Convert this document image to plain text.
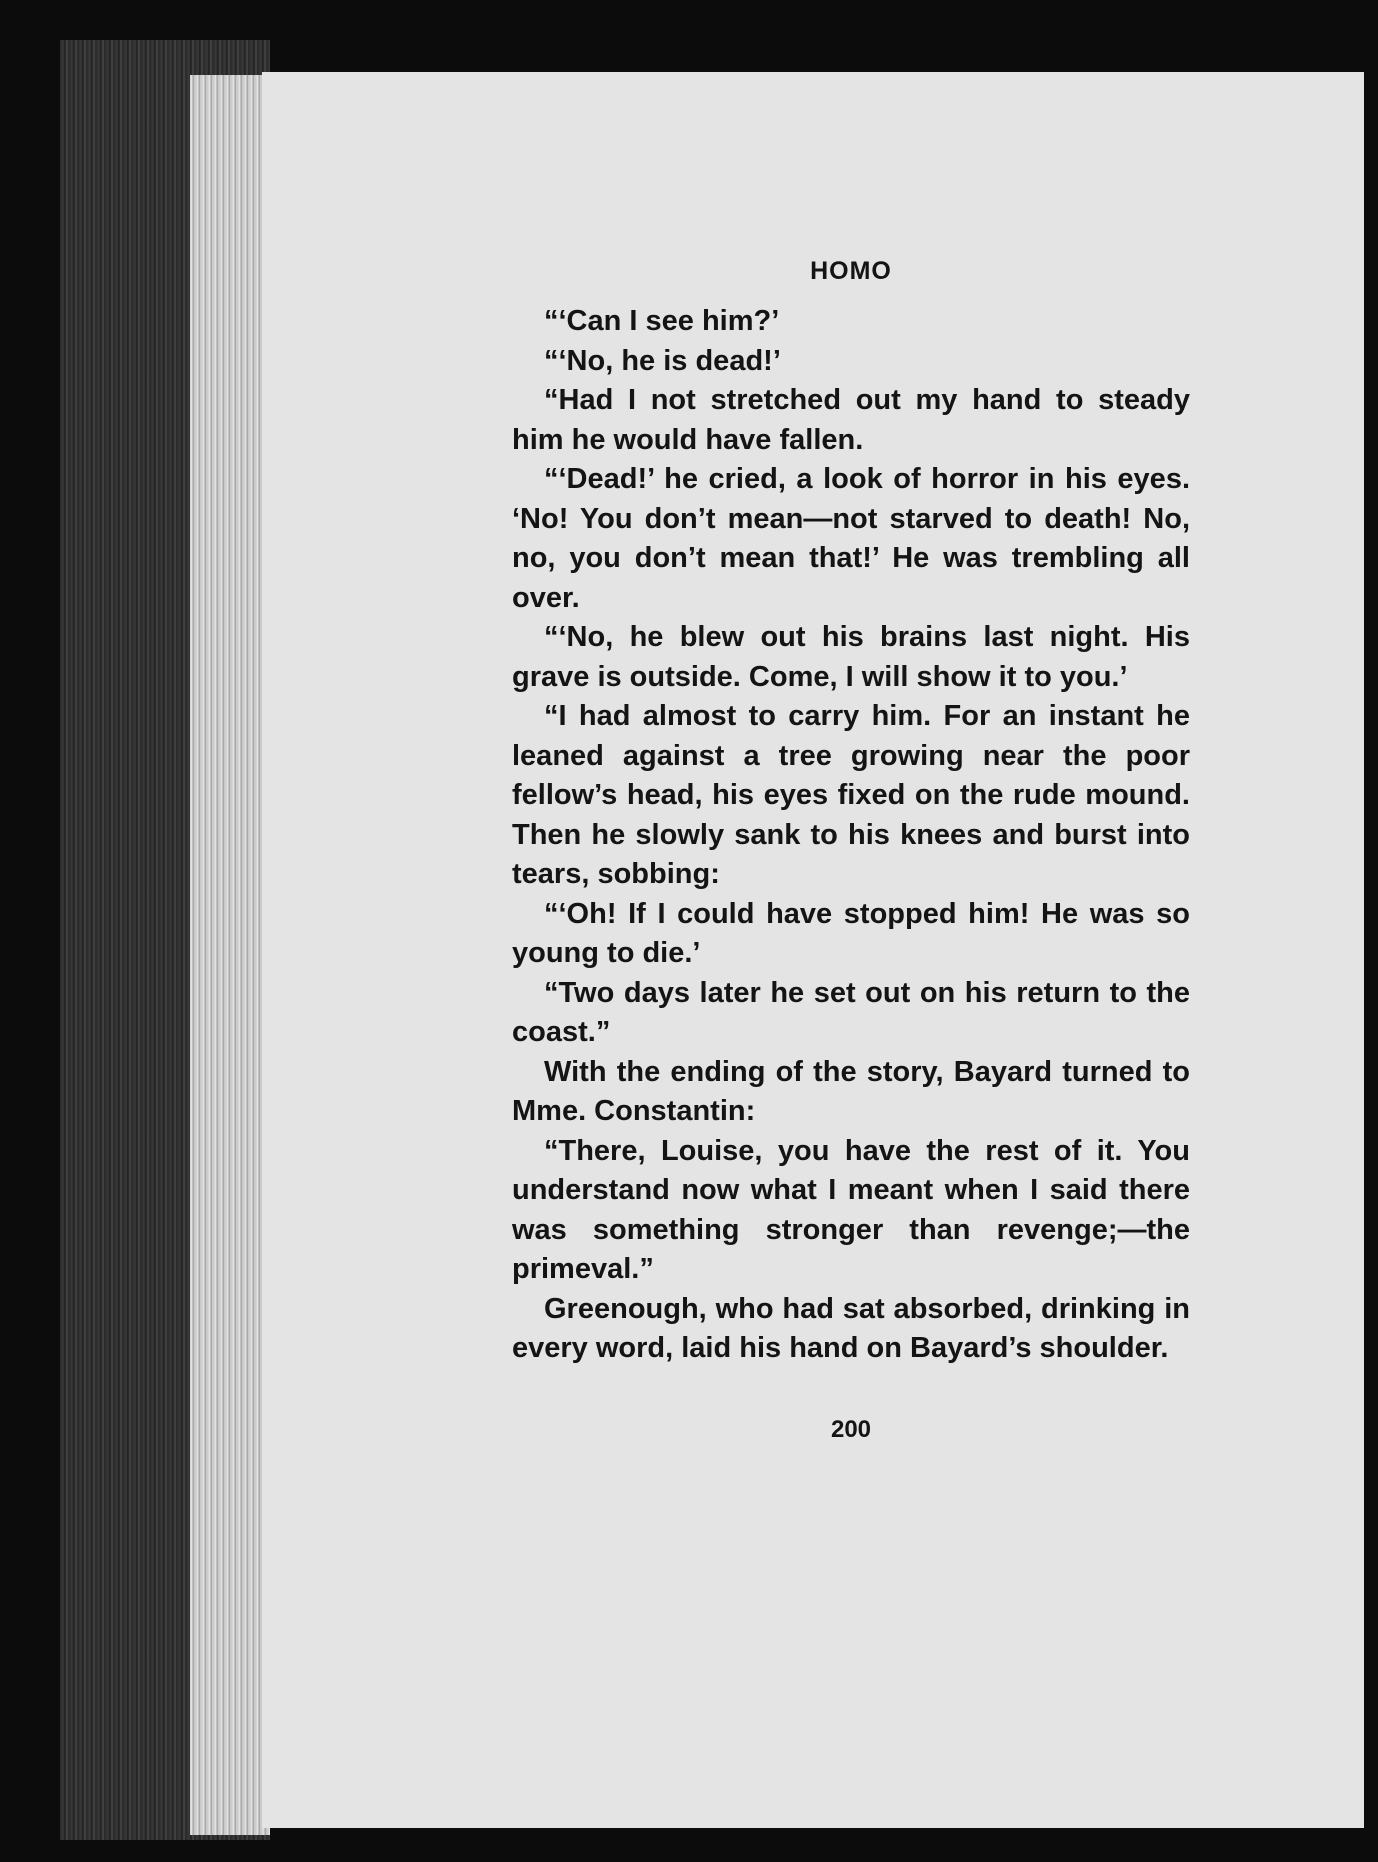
HOMO

“‘Can I see him?’

“‘No, he is dead!’

“Had I not stretched out my hand to steady him he would have fallen.

“‘Dead!’ he cried, a look of horror in his eyes. ‘No! You don’t mean—not starved to death! No, no, you don’t mean that!’ He was trembling all over.

“‘No, he blew out his brains last night. His grave is outside. Come, I will show it to you.’

“I had almost to carry him. For an instant he leaned against a tree growing near the poor fellow’s head, his eyes fixed on the rude mound. Then he slowly sank to his knees and burst into tears, sobbing:

“‘Oh! If I could have stopped him! He was so young to die.’

“Two days later he set out on his return to the coast.”

With the ending of the story, Bayard turned to Mme. Constantin:

“There, Louise, you have the rest of it. You understand now what I meant when I said there was something stronger than revenge;—the primeval.”

Greenough, who had sat absorbed, drinking in every word, laid his hand on Bayard’s shoulder.

200
